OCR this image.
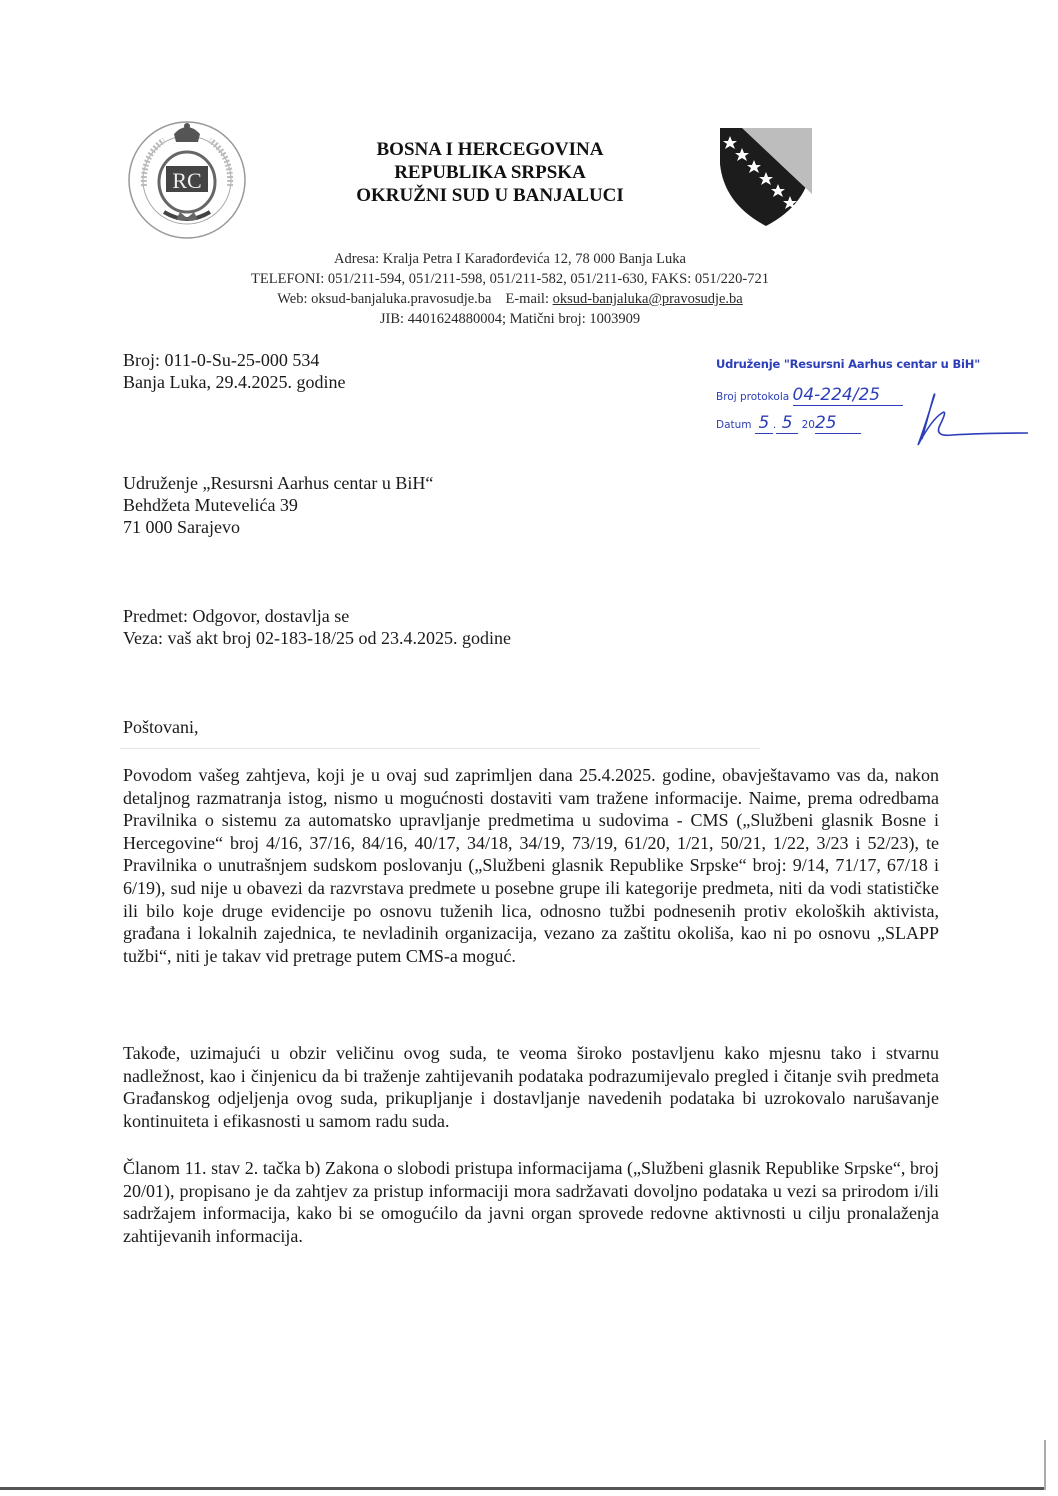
RC
BOSNA I HERCEGOVINA
REPUBLIKA SRPSKA
OKRUŽNI SUD U BANJALUCI
Adresa: Kralja Petra I Karađorđevića 12, 78 000 Banja Luka
TELEFONI: 051/211-594, 051/211-598, 051/211-582, 051/211-630, FAKS: 051/220-721
Web: oksud-banjaluka.pravosudje.ba E-mail: oksud-banjaluka@pravosudje.ba
JIB: 4401624880004; Matični broj: 1003909
Broj: 011-0-Su-25-000 534
Banja Luka, 29.4.2025. godine
Udruženje "Resursni Aarhus centar u BiH"
Broj protokola 04-224/25
Datum 5 . 5 2025
Udruženje „Resursni Aarhus centar u BiH“
Behdžeta Mutevelića 39
71 000 Sarajevo
Predmet: Odgovor, dostavlja se
Veza: vaš akt broj 02-183-18/25 od 23.4.2025. godine
Poštovani,
Povodom vašeg zahtjeva, koji je u ovaj sud zaprimljen dana 25.4.2025. godine, obavještavamo vas da, nakon detaljnog razmatranja istog, nismo u mogućnosti dostaviti vam tražene informacije. Naime, prema odredbama Pravilnika o sistemu za automatsko upravljanje predmetima u sudovima - CMS („Službeni glasnik Bosne i Hercegovine“ broj 4/16, 37/16, 84/16, 40/17, 34/18, 34/19, 73/19, 61/20, 1/21, 50/21, 1/22, 3/23 i 52/23), te Pravilnika o unutrašnjem sudskom poslovanju („Službeni glasnik Republike Srpske“ broj: 9/14, 71/17, 67/18 i 6/19), sud nije u obavezi da razvrstava predmete u posebne grupe ili kategorije predmeta, niti da vodi statističke ili bilo koje druge evidencije po osnovu tuženih lica, odnosno tužbi podnesenih protiv ekoloških aktivista, građana i lokalnih zajednica, te nevladinih organizacija, vezano za zaštitu okoliša, kao ni po osnovu „SLAPP tužbi“, niti je takav vid pretrage putem CMS-a moguć.
Takođe, uzimajući u obzir veličinu ovog suda, te veoma široko postavljenu kako mjesnu tako i stvarnu nadležnost, kao i činjenicu da bi traženje zahtijevanih podataka podrazumijevalo pregled i čitanje svih predmeta Građanskog odjeljenja ovog suda, prikupljanje i dostavljanje navedenih podataka bi uzrokovalo narušavanje kontinuiteta i efikasnosti u samom radu suda.
Članom 11. stav 2. tačka b) Zakona o slobodi pristupa informacijama („Službeni glasnik Republike Srpske“, broj 20/01), propisano je da zahtjev za pristup informaciji mora sadržavati dovoljno podataka u vezi sa prirodom i/ili sadržajem informacija, kako bi se omogućilo da javni organ sprovede redovne aktivnosti u cilju pronalaženja zahtijevanih informacija.
